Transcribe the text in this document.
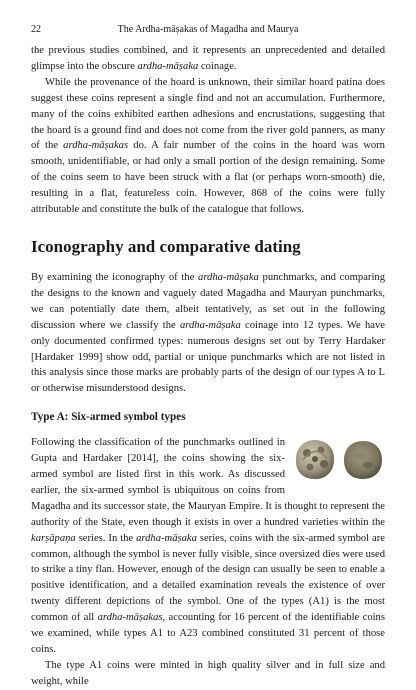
22	The Ardha-māṣakas of Magadha and Maurya

the previous studies combined, and it represents an unprecedented and detailed glimpse into the obscure ardha-māṣaka coinage.

While the provenance of the hoard is unknown, their similar hoard patina does suggest these coins represent a single find and not an accumulation. Furthermore, many of the coins exhibited earthen adhesions and encrustations, suggesting that the hoard is a ground find and does not come from the river gold panners, as many of the ardha-māṣakas do. A fair number of the coins in the hoard was worn smooth, unidentifiable, or had only a small portion of the design remaining. Some of the coins seem to have been struck with a flat (or perhaps worn-smooth) die, resulting in a flat, featureless coin. However, 868 of the coins were fully attributable and constitute the bulk of the catalogue that follows.

Iconography and comparative dating

By examining the iconography of the ardha-māṣaka punchmarks, and comparing the designs to the known and vaguely dated Magadha and Mauryan punchmarks, we can potentially date them, albeit tentatively, as set out in the following discussion where we classify the ardha-māṣaka coinage into 12 types. We have only documented confirmed types: numerous designs set out by Terry Hardaker [Hardaker 1999] show odd, partial or unique punchmarks which are not listed in this analysis since those marks are probably parts of the design of our types A to L or otherwise misunderstood designs.

Type A: Six-armed symbol types

Following the classification of the punchmarks outlined in Gupta and Hardaker [2014], the coins showing the six-armed symbol are listed first in this work. As discussed earlier, the six-armed symbol is ubiquitous on coins from Magadha and its successor state, the Mauryan Empire. It is thought to represent the authority of the State, even though it exists in over a hundred varieties within the karṣāpaṇa series. In the ardha-māṣaka series, coins with the six-armed symbol are common, although the symbol is never fully visible, since oversized dies were used to strike a tiny flan. However, enough of the design can usually be seen to enable a positive identification, and a detailed examination reveals the existence of over twenty different depictions of the symbol. One of the types (A1) is the most common of all ardha-māṣakas, accounting for 16 percent of the identifiable coins we examined, while types A1 to A23 combined constituted 31 percent of those coins.

The type A1 coins were minted in high quality silver and in full size and weight, while
